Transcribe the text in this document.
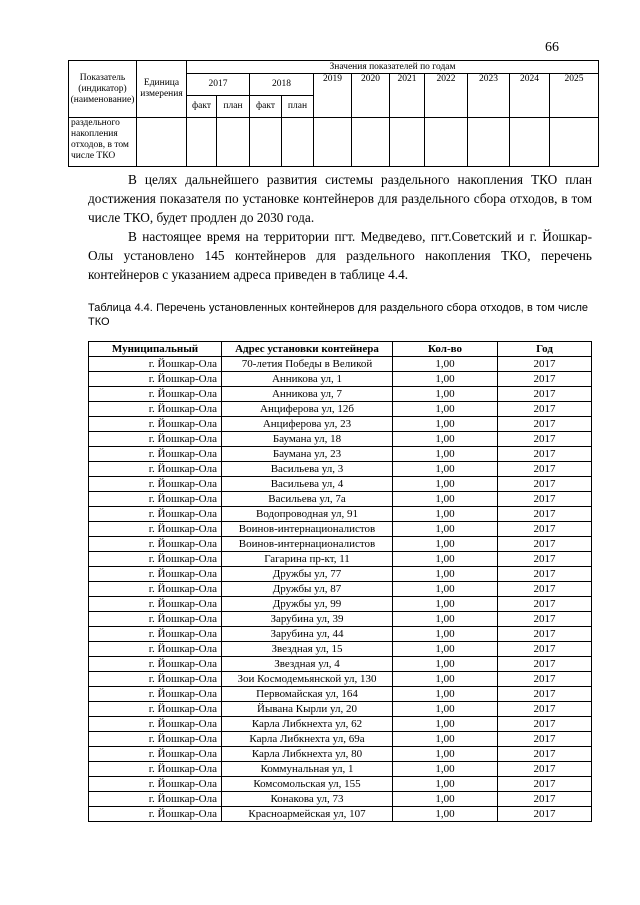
66
Показатель (индикатор) (наименование)	Единица измерения	Значения показателей по годам										
		2017		2018		2019	2020	2021	2022	2023	2024	2025
		факт	план	факт	план							
раздельного накопления отходов, в том числе ТКО												
В целях дальнейшего развития системы раздельного накопления ТКО план достижения показателя по установке контейнеров для раздельного сбора отходов, в том числе ТКО, будет продлен до 2030 года.
В настоящее время на территории пгт. Медведево, пгт.Советский и г. Йошкар-Олы установлено 145 контейнеров для раздельного накопления ТКО, перечень контейнеров с указанием адреса приведен в таблице 4.4.
Таблица 4.4. Перечень установленных контейнеров для раздельного сбора отходов, в том числе ТКО
Муниципальный	Адрес установки контейнера	Кол-во	Год
г. Йошкар-Ола	70-летия Победы в Великой	1,00	2017
г. Йошкар-Ола	Анникова ул, 1	1,00	2017
г. Йошкар-Ола	Анникова ул, 7	1,00	2017
г. Йошкар-Ола	Анциферова ул, 12б	1,00	2017
г. Йошкар-Ола	Анциферова ул, 23	1,00	2017
г. Йошкар-Ола	Баумана ул, 18	1,00	2017
г. Йошкар-Ола	Баумана ул, 23	1,00	2017
г. Йошкар-Ола	Васильева ул, 3	1,00	2017
г. Йошкар-Ола	Васильева ул, 4	1,00	2017
г. Йошкар-Ола	Васильева ул, 7а	1,00	2017
г. Йошкар-Ола	Водопроводная ул, 91	1,00	2017
г. Йошкар-Ола	Воинов-интернационалистов	1,00	2017
г. Йошкар-Ола	Воинов-интернационалистов	1,00	2017
г. Йошкар-Ола	Гагарина пр-кт, 11	1,00	2017
г. Йошкар-Ола	Дружбы ул, 77	1,00	2017
г. Йошкар-Ола	Дружбы ул, 87	1,00	2017
г. Йошкар-Ола	Дружбы ул, 99	1,00	2017
г. Йошкар-Ола	Зарубина ул, 39	1,00	2017
г. Йошкар-Ола	Зарубина ул, 44	1,00	2017
г. Йошкар-Ола	Звездная ул, 15	1,00	2017
г. Йошкар-Ола	Звездная ул, 4	1,00	2017
г. Йошкар-Ола	Зои Космодемьянской ул, 130	1,00	2017
г. Йошкар-Ола	Первомайская ул, 164	1,00	2017
г. Йошкар-Ола	Йывана Кырли ул, 20	1,00	2017
г. Йошкар-Ола	Карла Либкнехта ул, 62	1,00	2017
г. Йошкар-Ола	Карла Либкнехта ул, 69а	1,00	2017
г. Йошкар-Ола	Карла Либкнехта ул, 80	1,00	2017
г. Йошкар-Ола	Коммунальная ул, 1	1,00	2017
г. Йошкар-Ола	Комсомольская ул, 155	1,00	2017
г. Йошкар-Ола	Конакова ул, 73	1,00	2017
г. Йошкар-Ола	Красноармейская ул, 107	1,00	2017
